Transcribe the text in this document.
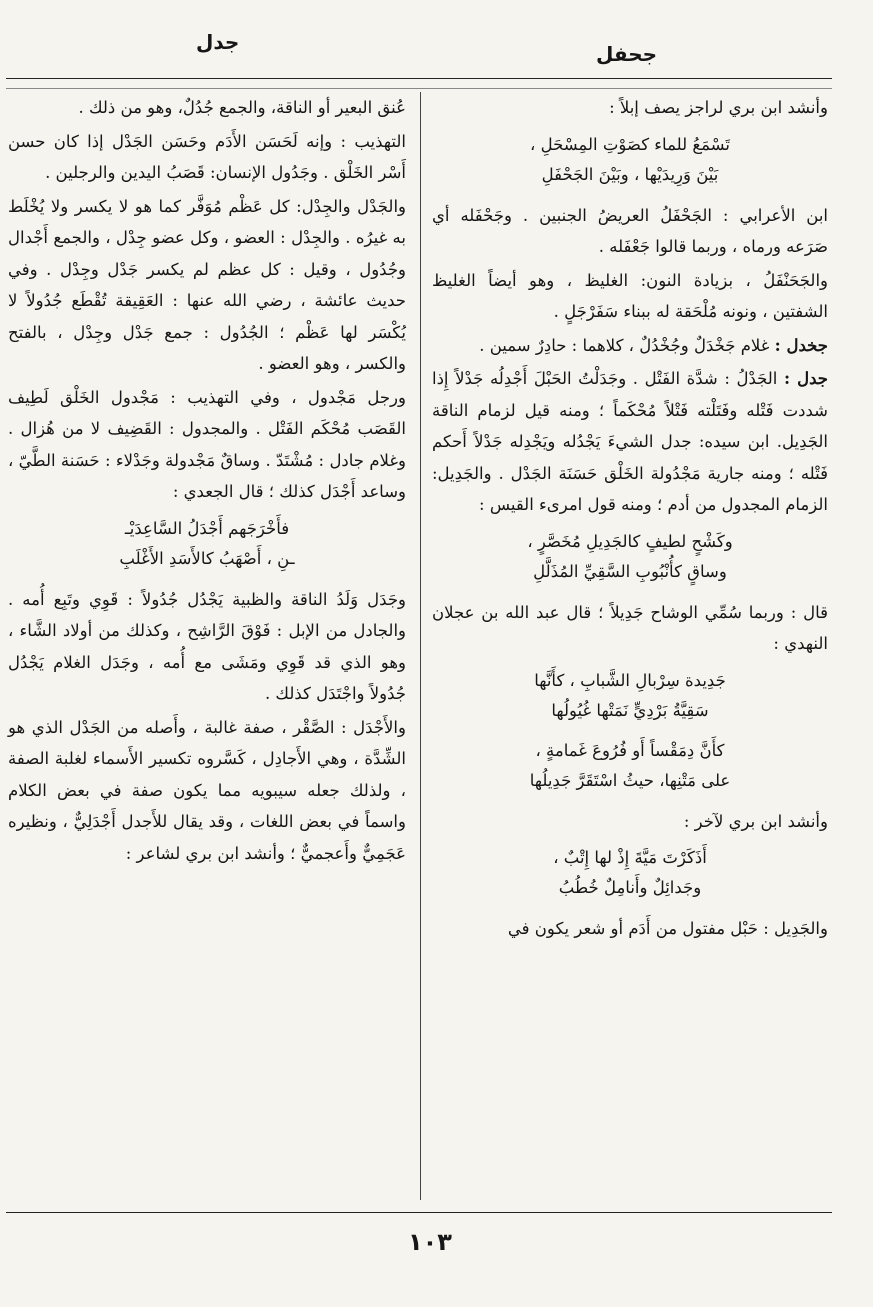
جدل	جحفل

وأنشد ابن بري لراجز يصف إبلاً :

تَسْمَعُ للماء كصَوْتِ المِسْحَلِ ،
بَيْنَ وَرِيدَيْها ، وبَيْنَ الجَحْفَلِ

ابن الأعرابي : الجَحْفَلُ العريضُ الجنبين . وجَحْفَله أي صَرَعه ورماه ، وربما قالوا جَعْفَله .

والجَحَنْفَلُ ، بزيادة النون: الغليظ ، وهو أيضاً الغليظ الشفتين ، ونونه مُلْحَقة له ببناء سَفَرْجَلٍ .

جخدل : غلام جَخْدَلٌ وجُخْدُلٌ ، كلاهما : حادِرٌ سمين .

جدل : الجَدْلُ : شدَّة الفَتْل . وجَدَلْتُ الحَبْلَ أَجْدِلُه جَدْلاً إِذا شددت فَتْله وفَتَلْته فَتْلاً مُحْكَماً ؛ ومنه قيل لزمام الناقة الجَدِيل. ابن سيده: جدل الشيءَ يَجْدُله ويَجْدِله جَدْلاً أَحكم فَتْله ؛ ومنه جارية مَجْدُولة الخَلْق حَسَنَة الجَدْل . والجَدِيل: الزمام المجدول من أدم ؛ ومنه قول امرىء القيس :

وكَشْحٍ لطيفٍ كالجَدِيلِ مُخَصَّرٍ ،
وساقٍ كأُنْبُوبِ السَّقِيِّ المُذَلَّلِ

قال : وربما سُمِّي الوشاح جَدِيلاً ؛ قال عبد الله بن عجلان النهدي :

جَدِيدة سِرْبالِ الشَّبابِ ، كأَنَّها
سَقِيَّةُ بَرْدِيٍّ نَمَتْها غُيُولُها
كأَنَّ دِمَقْساً أَو فُرُوعَ غَمامةٍ ،
على مَتْنِها، حيثُ اسْتَقَرَّ جَدِيلُها

وأنشد ابن بري لآخر :

أَذَكَرْتَ مَيَّةَ إِذْ لها إِتْبٌ ،
وجَدائِلٌ وأَنامِلٌ خُطُبُ

والجَدِيل : حَبْل مفتول من أَدَم أو شعر يكون في

عُنق البعير أو الناقة، والجمع جُدُلٌ، وهو من ذلك .

التهذيب : وإنه لَحَسَن الأَدَم وحَسَن الجَدْل إذا كان حسن أَسْر الخَلْق . وجَدُول الإنسان: قَصَبُ اليدين والرجلين .

والجَدْل والجِدْل: كل عَظْم مُوَفَّر كما هو لا يكسر ولا يُخْلَط به غيرُه . والجِدْل : العضو ، وكل عضو جِدْل ، والجمع أَجْدال وجُدُول ، وقيل : كل عظم لم يكسر جَدْل وجِدْل . وفي حديث عائشة ، رضي الله عنها : العَقِيقة تُقْطَع جُدُولاً لا يُكْسَر لها عَظْم ؛ الجُدُول : جمع جَدْل وجِدْل ، بالفتح والكسر ، وهو العضو .

ورجل مَجْدول ، وفي التهذيب : مَجْدول الخَلْق لَطِيف القَصَب مُحْكَم الفَتْل . والمجدول : القَضِيف لا من هُزال . وغلام جادل : مُشْتَدّ . وساقٌ مَجْدولة وجَدْلاء : حَسَنة الطَّيّ ، وساعد أَجْدَل كذلك ؛ قال الجعدي :

فأَخْرَجَهم أَجْدَلُ السَّاعِدَيْـ
ـنِ ، أَصْهَبُ كالأَسَدِ الأَغْلَبِ

وجَدَل وَلَدُ الناقة والظبية يَجْدُل جُدُولاً : قَوِي وتَبِع أُمه . والجادل من الإبل : فَوْقَ الرَّاشِح ، وكذلك من أولاد الشَّاء ، وهو الذي قد قَوِي ومَشَى مع أُمه ، وجَدَل الغلام يَجْدُل جُدُولاً واجْتَدَل كذلك .

والأَجْدَل : الصَّقْر ، صفة غالبة ، وأَصله من الجَدْل الذي هو الشِّدَّة ، وهي الأَجادِل ، كَسَّروه تكسير الأَسماء لغلبة الصفة ، ولذلك جعله سيبويه مما يكون صفة في بعض الكلام واسماً في بعض اللغات ، وقد يقال للأَجدل أَجْدَلِيٌّ ، ونظيره عَجَمِيٌّ وأَعجميٌّ ؛ وأنشد ابن بري لشاعر :

١٠٣
